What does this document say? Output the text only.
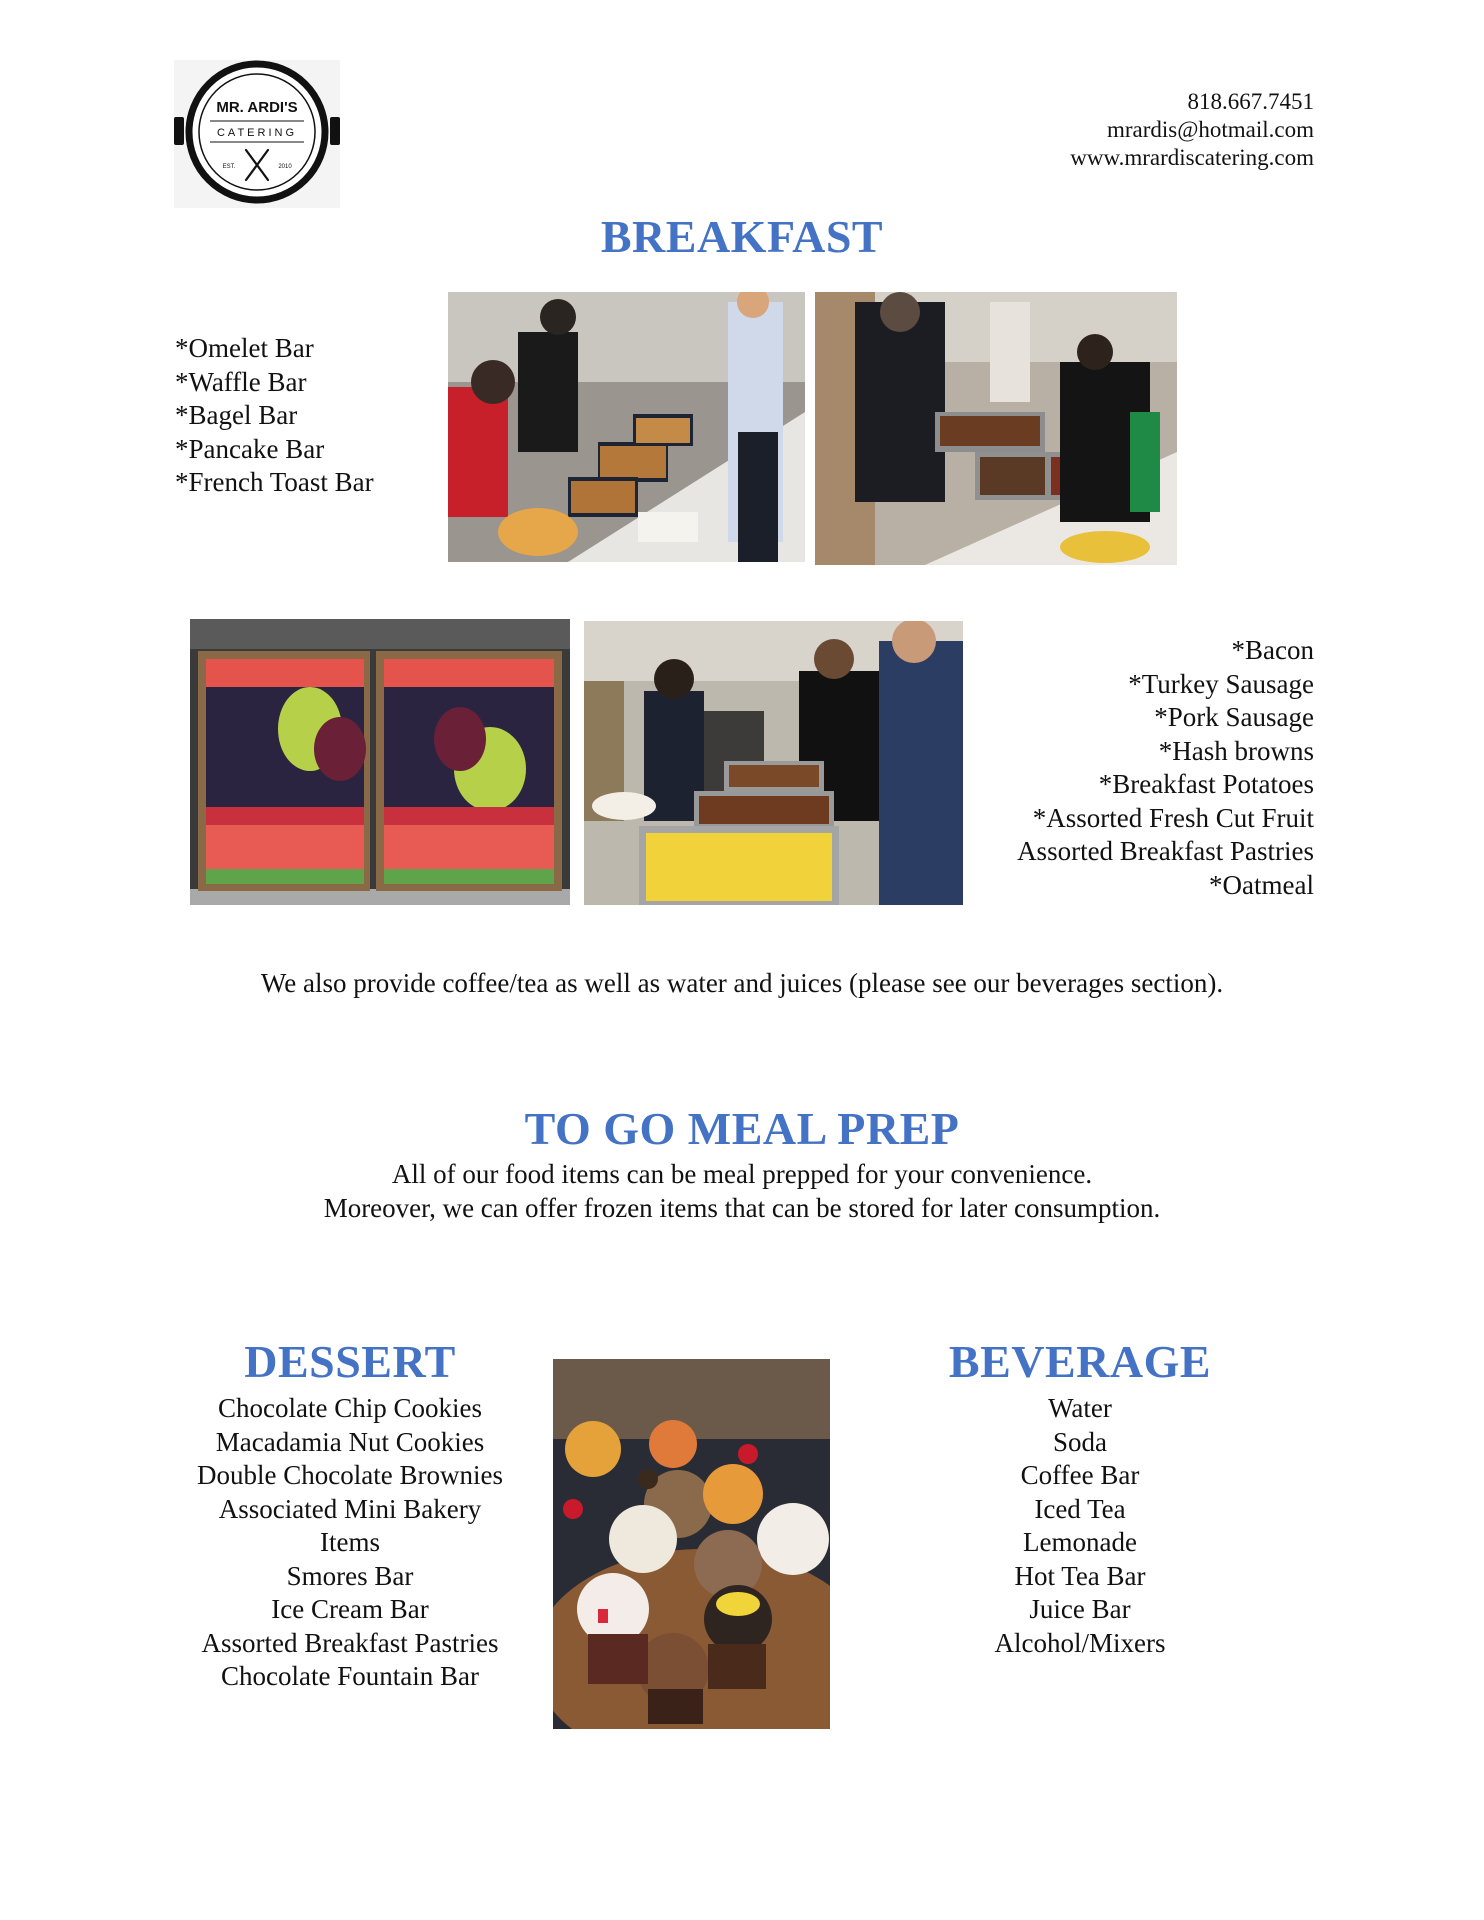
MR. ARDI'S
CATERING
EST.	2010
818.667.7451
mrardis@hotmail.com
www.mrardiscatering.com
BREAKFAST
*Omelet Bar
*Waffle Bar
*Bagel Bar
*Pancake Bar
*French Toast Bar
*Bacon
*Turkey Sausage
*Pork Sausage
*Hash browns
*Breakfast Potatoes
*Assorted Fresh Cut Fruit
Assorted Breakfast Pastries
*Oatmeal
We also provide coffee/tea as well as water and juices (please see our beverages section).
TO GO MEAL PREP
All of our food items can be meal prepped for your convenience.
Moreover, we can offer frozen items that can be stored for later consumption.
DESSERT
Chocolate Chip Cookies
Macadamia Nut Cookies
Double Chocolate Brownies
Associated Mini Bakery
Items
Smores Bar
Ice Cream Bar
Assorted Breakfast Pastries
Chocolate Fountain Bar
BEVERAGE
Water
Soda
Coffee Bar
Iced Tea
Lemonade
Hot Tea Bar
Juice Bar
Alcohol/Mixers
